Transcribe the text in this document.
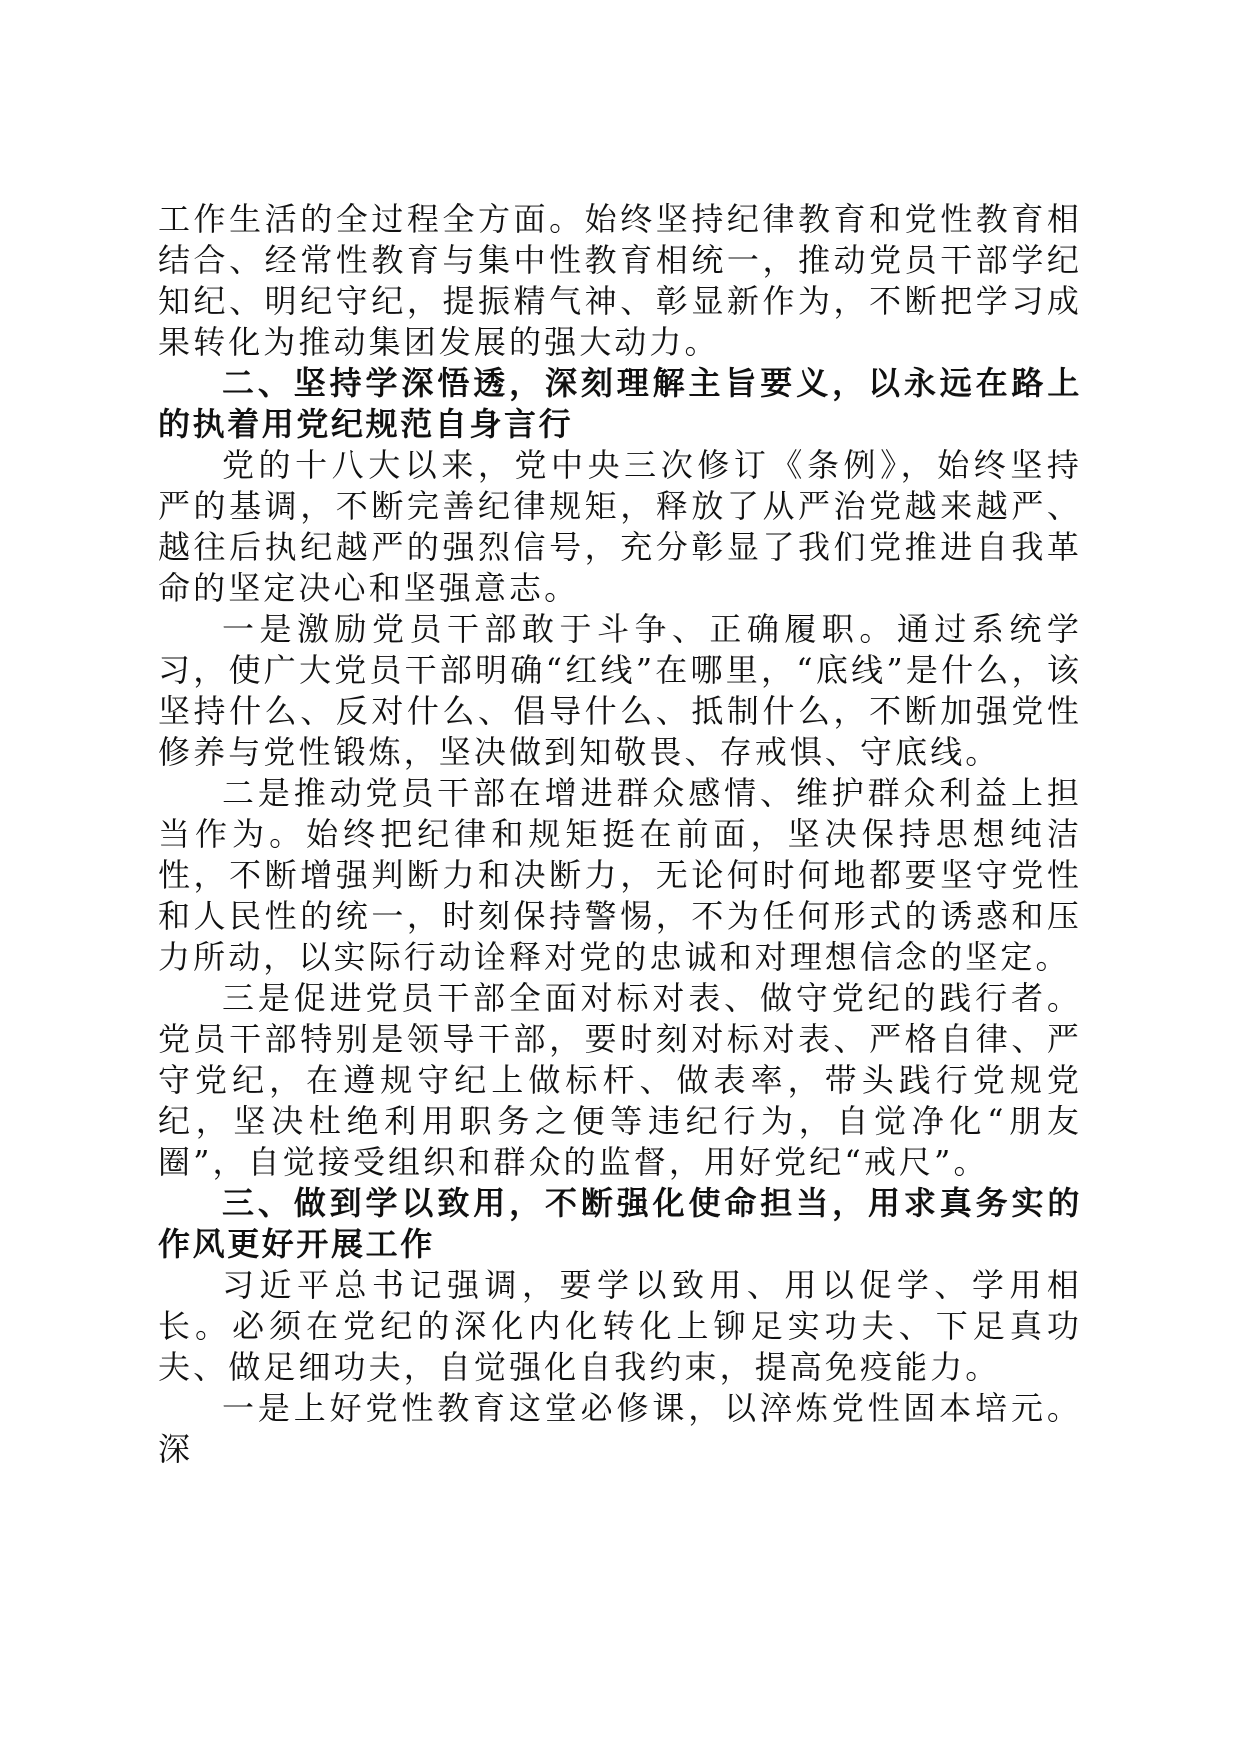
工作生活的全过程全方面。始终坚持纪律教育和党性教育相结合、经常性教育与集中性教育相统一，推动党员干部学纪知纪、明纪守纪，提振精气神、彰显新作为，不断把学习成果转化为推动集团发展的强大动力。

二、坚持学深悟透，深刻理解主旨要义，以永远在路上的执着用党纪规范自身言行

党的十八大以来，党中央三次修订《条例》，始终坚持严的基调，不断完善纪律规矩，释放了从严治党越来越严、越往后执纪越严的强烈信号，充分彰显了我们党推进自我革命的坚定决心和坚强意志。

一是激励党员干部敢于斗争、正确履职。通过系统学习，使广大党员干部明确“红线”在哪里，“底线”是什么，该坚持什么、反对什么、倡导什么、抵制什么，不断加强党性修养与党性锻炼，坚决做到知敬畏、存戒惧、守底线。

二是推动党员干部在增进群众感情、维护群众利益上担当作为。始终把纪律和规矩挺在前面，坚决保持思想纯洁性，不断增强判断力和决断力，无论何时何地都要坚守党性和人民性的统一，时刻保持警惕，不为任何形式的诱惑和压力所动，以实际行动诠释对党的忠诚和对理想信念的坚定。

三是促进党员干部全面对标对表、做守党纪的践行者。党员干部特别是领导干部，要时刻对标对表、严格自律、严守党纪，在遵规守纪上做标杆、做表率，带头践行党规党纪，坚决杜绝利用职务之便等违纪行为，自觉净化“朋友圈”，自觉接受组织和群众的监督，用好党纪“戒尺”。

三、做到学以致用，不断强化使命担当，用求真务实的作风更好开展工作

习近平总书记强调，要学以致用、用以促学、学用相长。必须在党纪的深化内化转化上铆足实功夫、下足真功夫、做足细功夫，自觉强化自我约束，提高免疫能力。

一是上好党性教育这堂必修课，以淬炼党性固本培元。深
